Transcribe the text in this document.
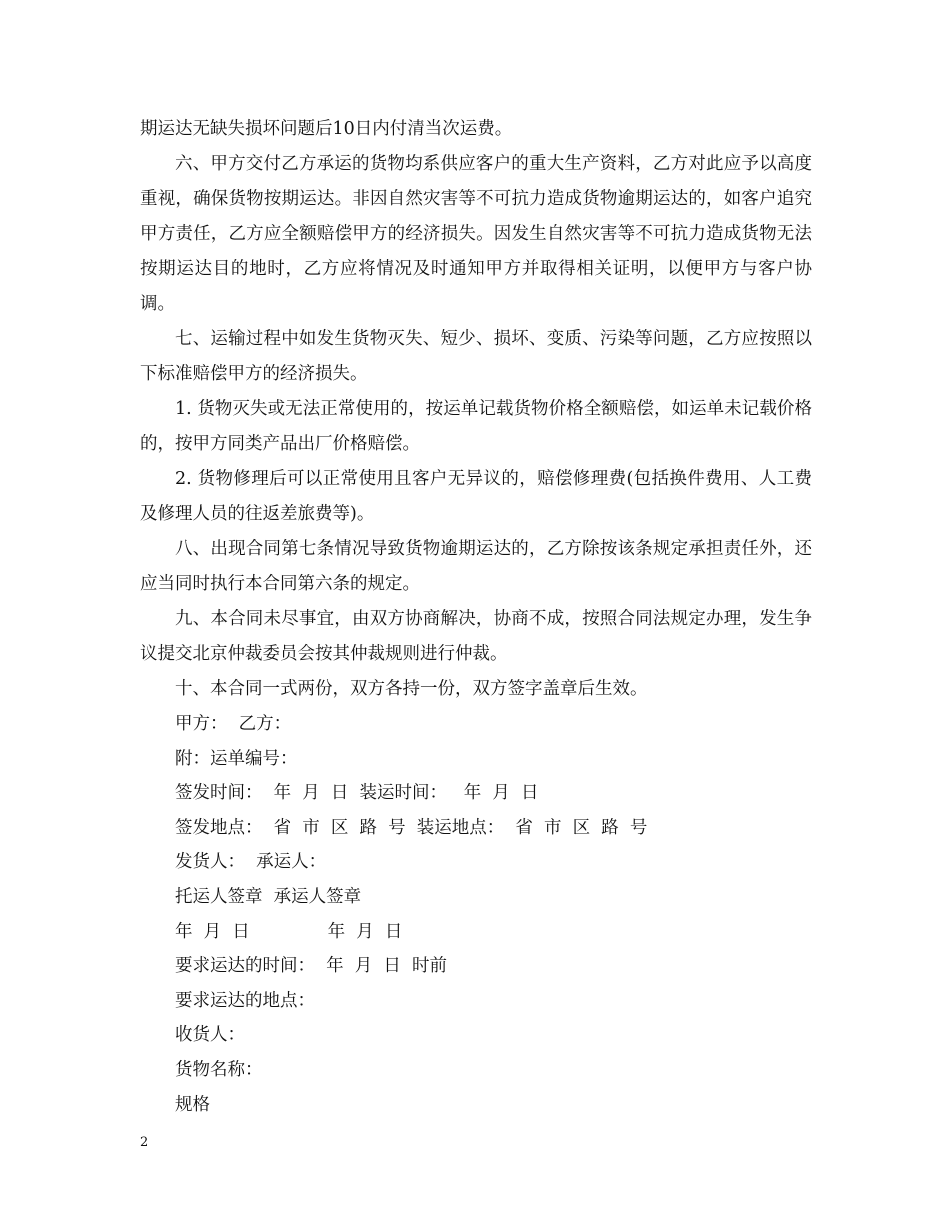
期运达无缺失损坏问题后10日内付清当次运费。

六、甲方交付乙方承运的货物均系供应客户的重大生产资料，乙方对此应予以高度重视，确保货物按期运达。非因自然灾害等不可抗力造成货物逾期运达的，如客户追究甲方责任，乙方应全额赔偿甲方的经济损失。因发生自然灾害等不可抗力造成货物无法按期运达目的地时，乙方应将情况及时通知甲方并取得相关证明，以便甲方与客户协调。

七、运输过程中如发生货物灭失、短少、损坏、变质、污染等问题，乙方应按照以下标准赔偿甲方的经济损失。

1. 货物灭失或无法正常使用的，按运单记载货物价格全额赔偿，如运单未记载价格的，按甲方同类产品出厂价格赔偿。

2. 货物修理后可以正常使用且客户无异议的，赔偿修理费(包括换件费用、人工费及修理人员的往返差旅费等)。

八、出现合同第七条情况导致货物逾期运达的，乙方除按该条规定承担责任外，还应当同时执行本合同第六条的规定。

九、本合同未尽事宜，由双方协商解决，协商不成，按照合同法规定办理，发生争议提交北京仲裁委员会按其仲裁规则进行仲裁。

十、本合同一式两份，双方各持一份，双方签字盖章后生效。

甲方：  乙方：
附：运单编号：
签发时间：  年  月  日  装运时间：   年  月  日
签发地点：  省  市  区  路  号  装运地点：  省  市  区  路  号
发货人：  承运人：
托运人签章  承运人签章
年  月  日              年  月  日
要求运达的时间：  年  月  日  时前
要求运达的地点：
收货人：
货物名称：
规格
2
